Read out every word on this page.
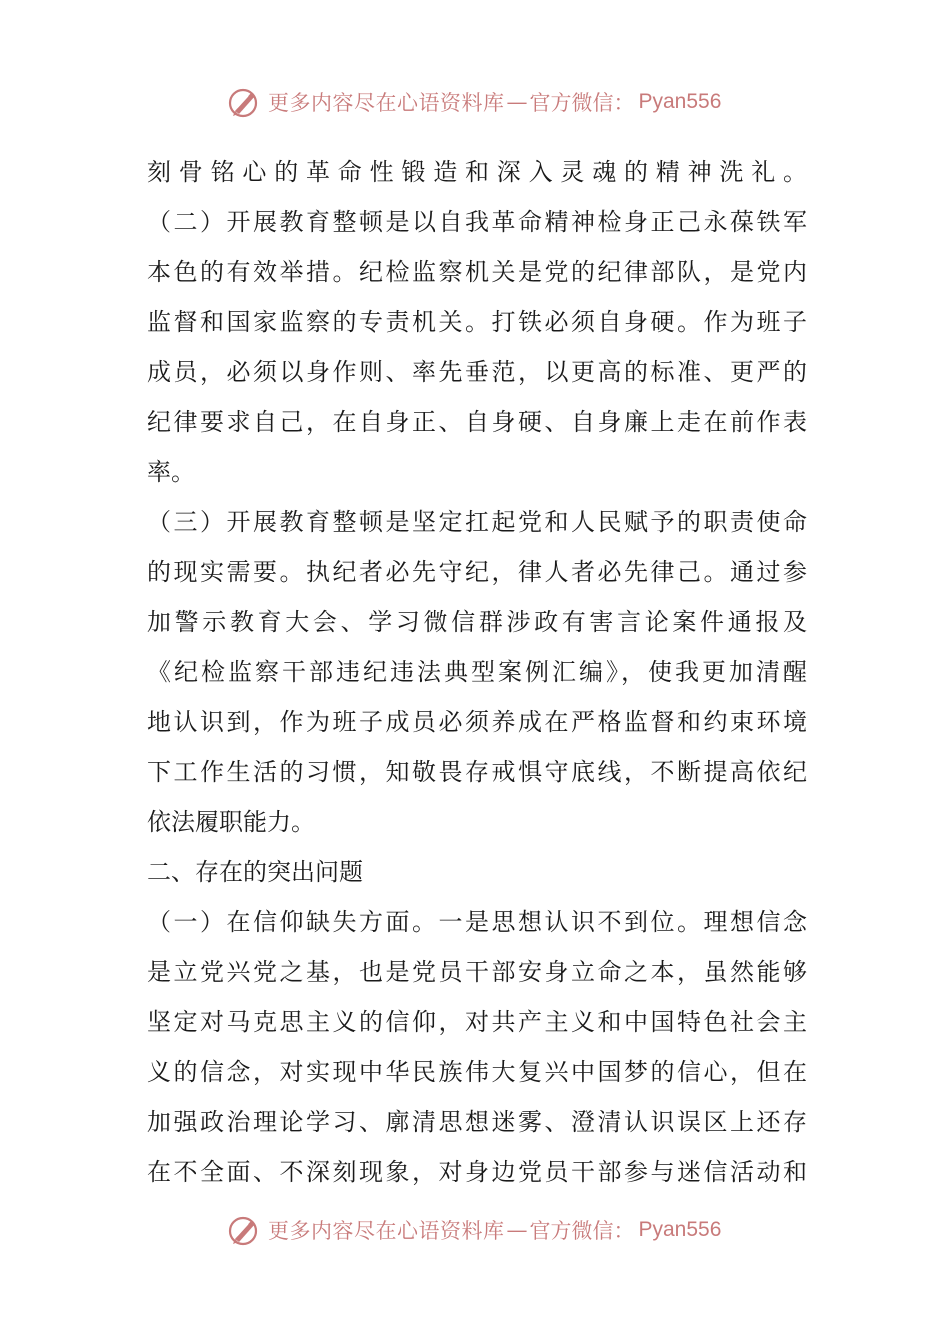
更多内容尽在心语资料库 — 官方微信： Pyan556
刻骨铭心的革命性锻造和深入灵魂的精神洗礼。
（二）开展教育整顿是以自我革命精神检身正己永葆铁军
本色的有效举措。纪检监察机关是党的纪律部队，是党内
监督和国家监察的专责机关。打铁必须自身硬。作为班子
成员，必须以身作则、率先垂范，以更高的标准、更严的
纪律要求自己，在自身正、自身硬、自身廉上走在前作表
率。
（三）开展教育整顿是坚定扛起党和人民赋予的职责使命
的现实需要。执纪者必先守纪，律人者必先律己。通过参
加警示教育大会、学习微信群涉政有害言论案件通报及
《纪检监察干部违纪违法典型案例汇编》，使我更加清醒
地认识到，作为班子成员必须养成在严格监督和约束环境
下工作生活的习惯，知敬畏存戒惧守底线，不断提高依纪
依法履职能力。
二、存在的突出问题
（一）在信仰缺失方面。一是思想认识不到位。理想信念
是立党兴党之基，也是党员干部安身立命之本，虽然能够
坚定对马克思主义的信仰，对共产主义和中国特色社会主
义的信念，对实现中华民族伟大复兴中国梦的信心，但在
加强政治理论学习、廓清思想迷雾、澄清认识误区上还存
在不全面、不深刻现象，对身边党员干部参与迷信活动和
更多内容尽在心语资料库 — 官方微信： Pyan556
